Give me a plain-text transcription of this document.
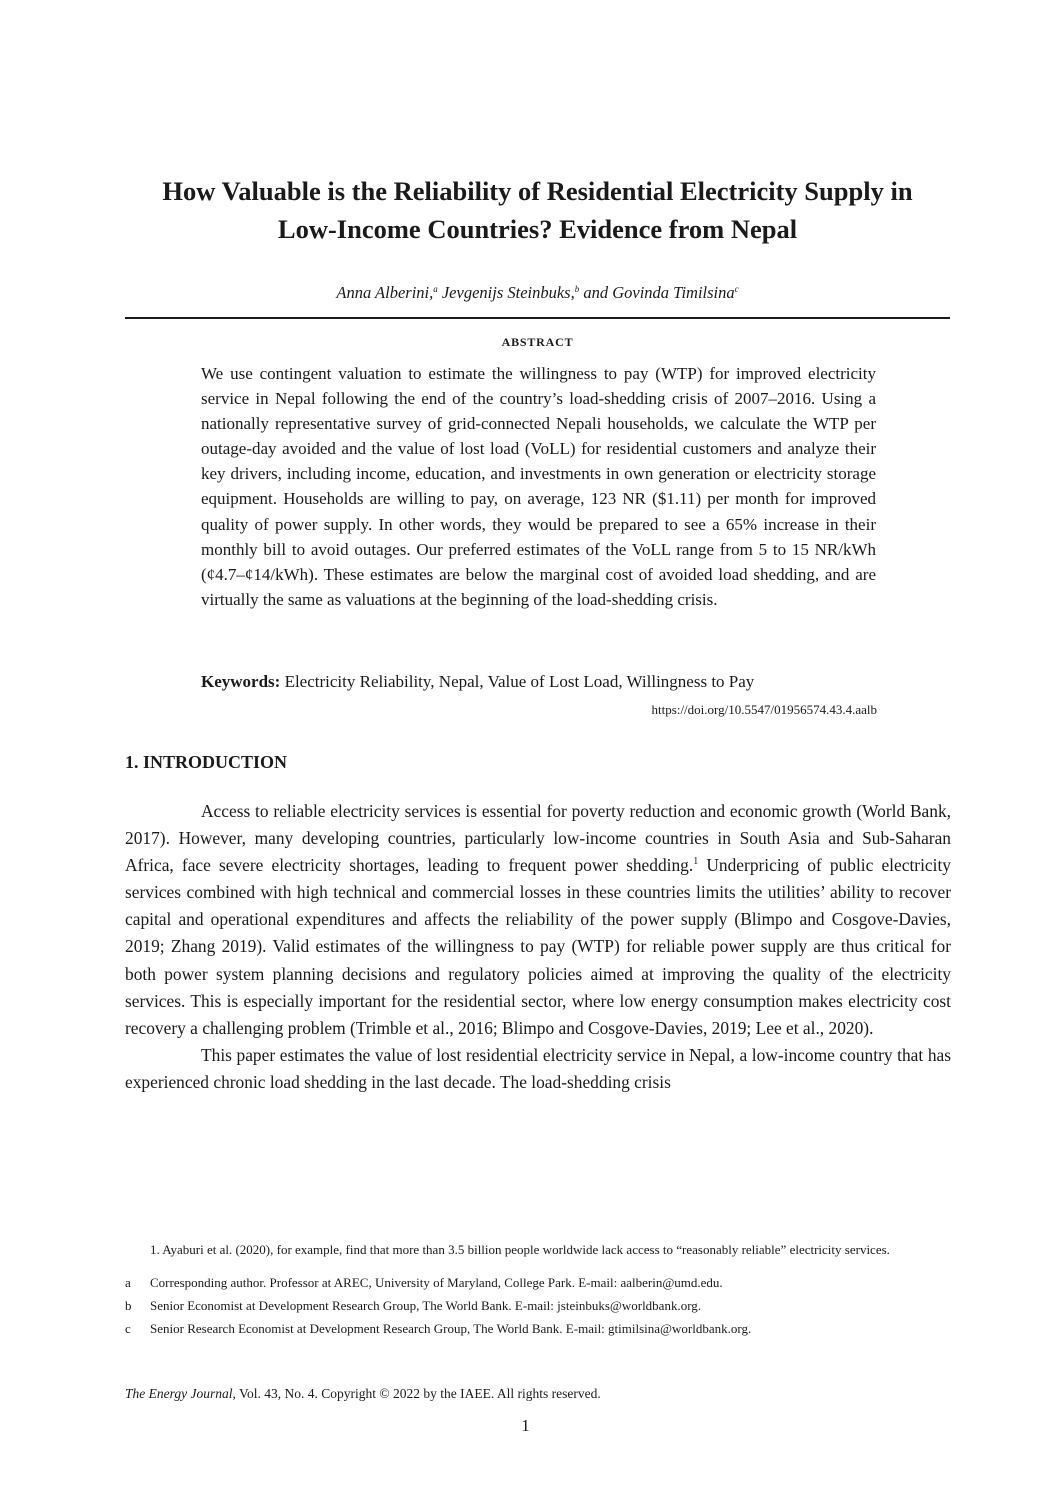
How Valuable is the Reliability of Residential Electricity Supply in
Low-Income Countries? Evidence from Nepal
Anna Alberini,$^a$ Jevgenijs Steinbuks,$^b$ and Govinda Timilsina$^c$
ABSTRACT

We use contingent valuation to estimate the willingness to pay (WTP) for improved electricity service in Nepal following the end of the country’s load-shedding crisis of 2007–2016. Using a nationally representative survey of grid-connected Nepali households, we calculate the WTP per outage-day avoided and the value of lost load (VoLL) for residential customers and analyze their key drivers, including income, education, and investments in own generation or electricity storage equipment. Households are willing to pay, on average, 123 NR ($1.11) per month for improved quality of power supply. In other words, they would be prepared to see a 65% increase in their monthly bill to avoid outages. Our preferred estimates of the VoLL range from 5 to 15 NR/kWh (¢4.7–¢14/kWh). These estimates are below the marginal cost of avoided load shedding, and are virtually the same as valuations at the beginning of the load-shedding crisis.

Keywords: Electricity Reliability, Nepal, Value of Lost Load, Willingness to Pay
https://doi.org/10.5547/01956574.43.4.aalb
1. INTRODUCTION

Access to reliable electricity services is essential for poverty reduction and economic growth (World Bank, 2017). However, many developing countries, particularly low-income countries in South Asia and Sub-Saharan Africa, face severe electricity shortages, leading to frequent power shedding.$^1$ Underpricing of public electricity services combined with high technical and commercial losses in these countries limits the utilities’ ability to recover capital and operational expenditures and affects the reliability of the power supply (Blimpo and Cosgove-Davies, 2019; Zhang 2019). Valid estimates of the willingness to pay (WTP) for reliable power supply are thus critical for both power system planning decisions and regulatory policies aimed at improving the quality of the electricity services. This is especially important for the residential sector, where low energy consumption makes electricity cost recovery a challenging problem (Trimble et al., 2016; Blimpo and Cosgove-Davies, 2019; Lee et al., 2020).

This paper estimates the value of lost residential electricity service in Nepal, a low-income country that has experienced chronic load shedding in the last decade. The load-shedding crisis

1. Ayaburi et al. (2020), for example, find that more than 3.5 billion people worldwide lack access to “reasonably reliable” electricity services.

a	Corresponding author. Professor at AREC, University of Maryland, College Park. E-mail: aalberin@umd.edu.
b	Senior Economist at Development Research Group, The World Bank. E-mail: jsteinbuks@worldbank.org.
c	Senior Research Economist at Development Research Group, The World Bank. E-mail: gtimilsina@worldbank.org.
The Energy Journal, Vol. 43, No. 4. Copyright © 2022 by the IAEE. All rights reserved.
1
